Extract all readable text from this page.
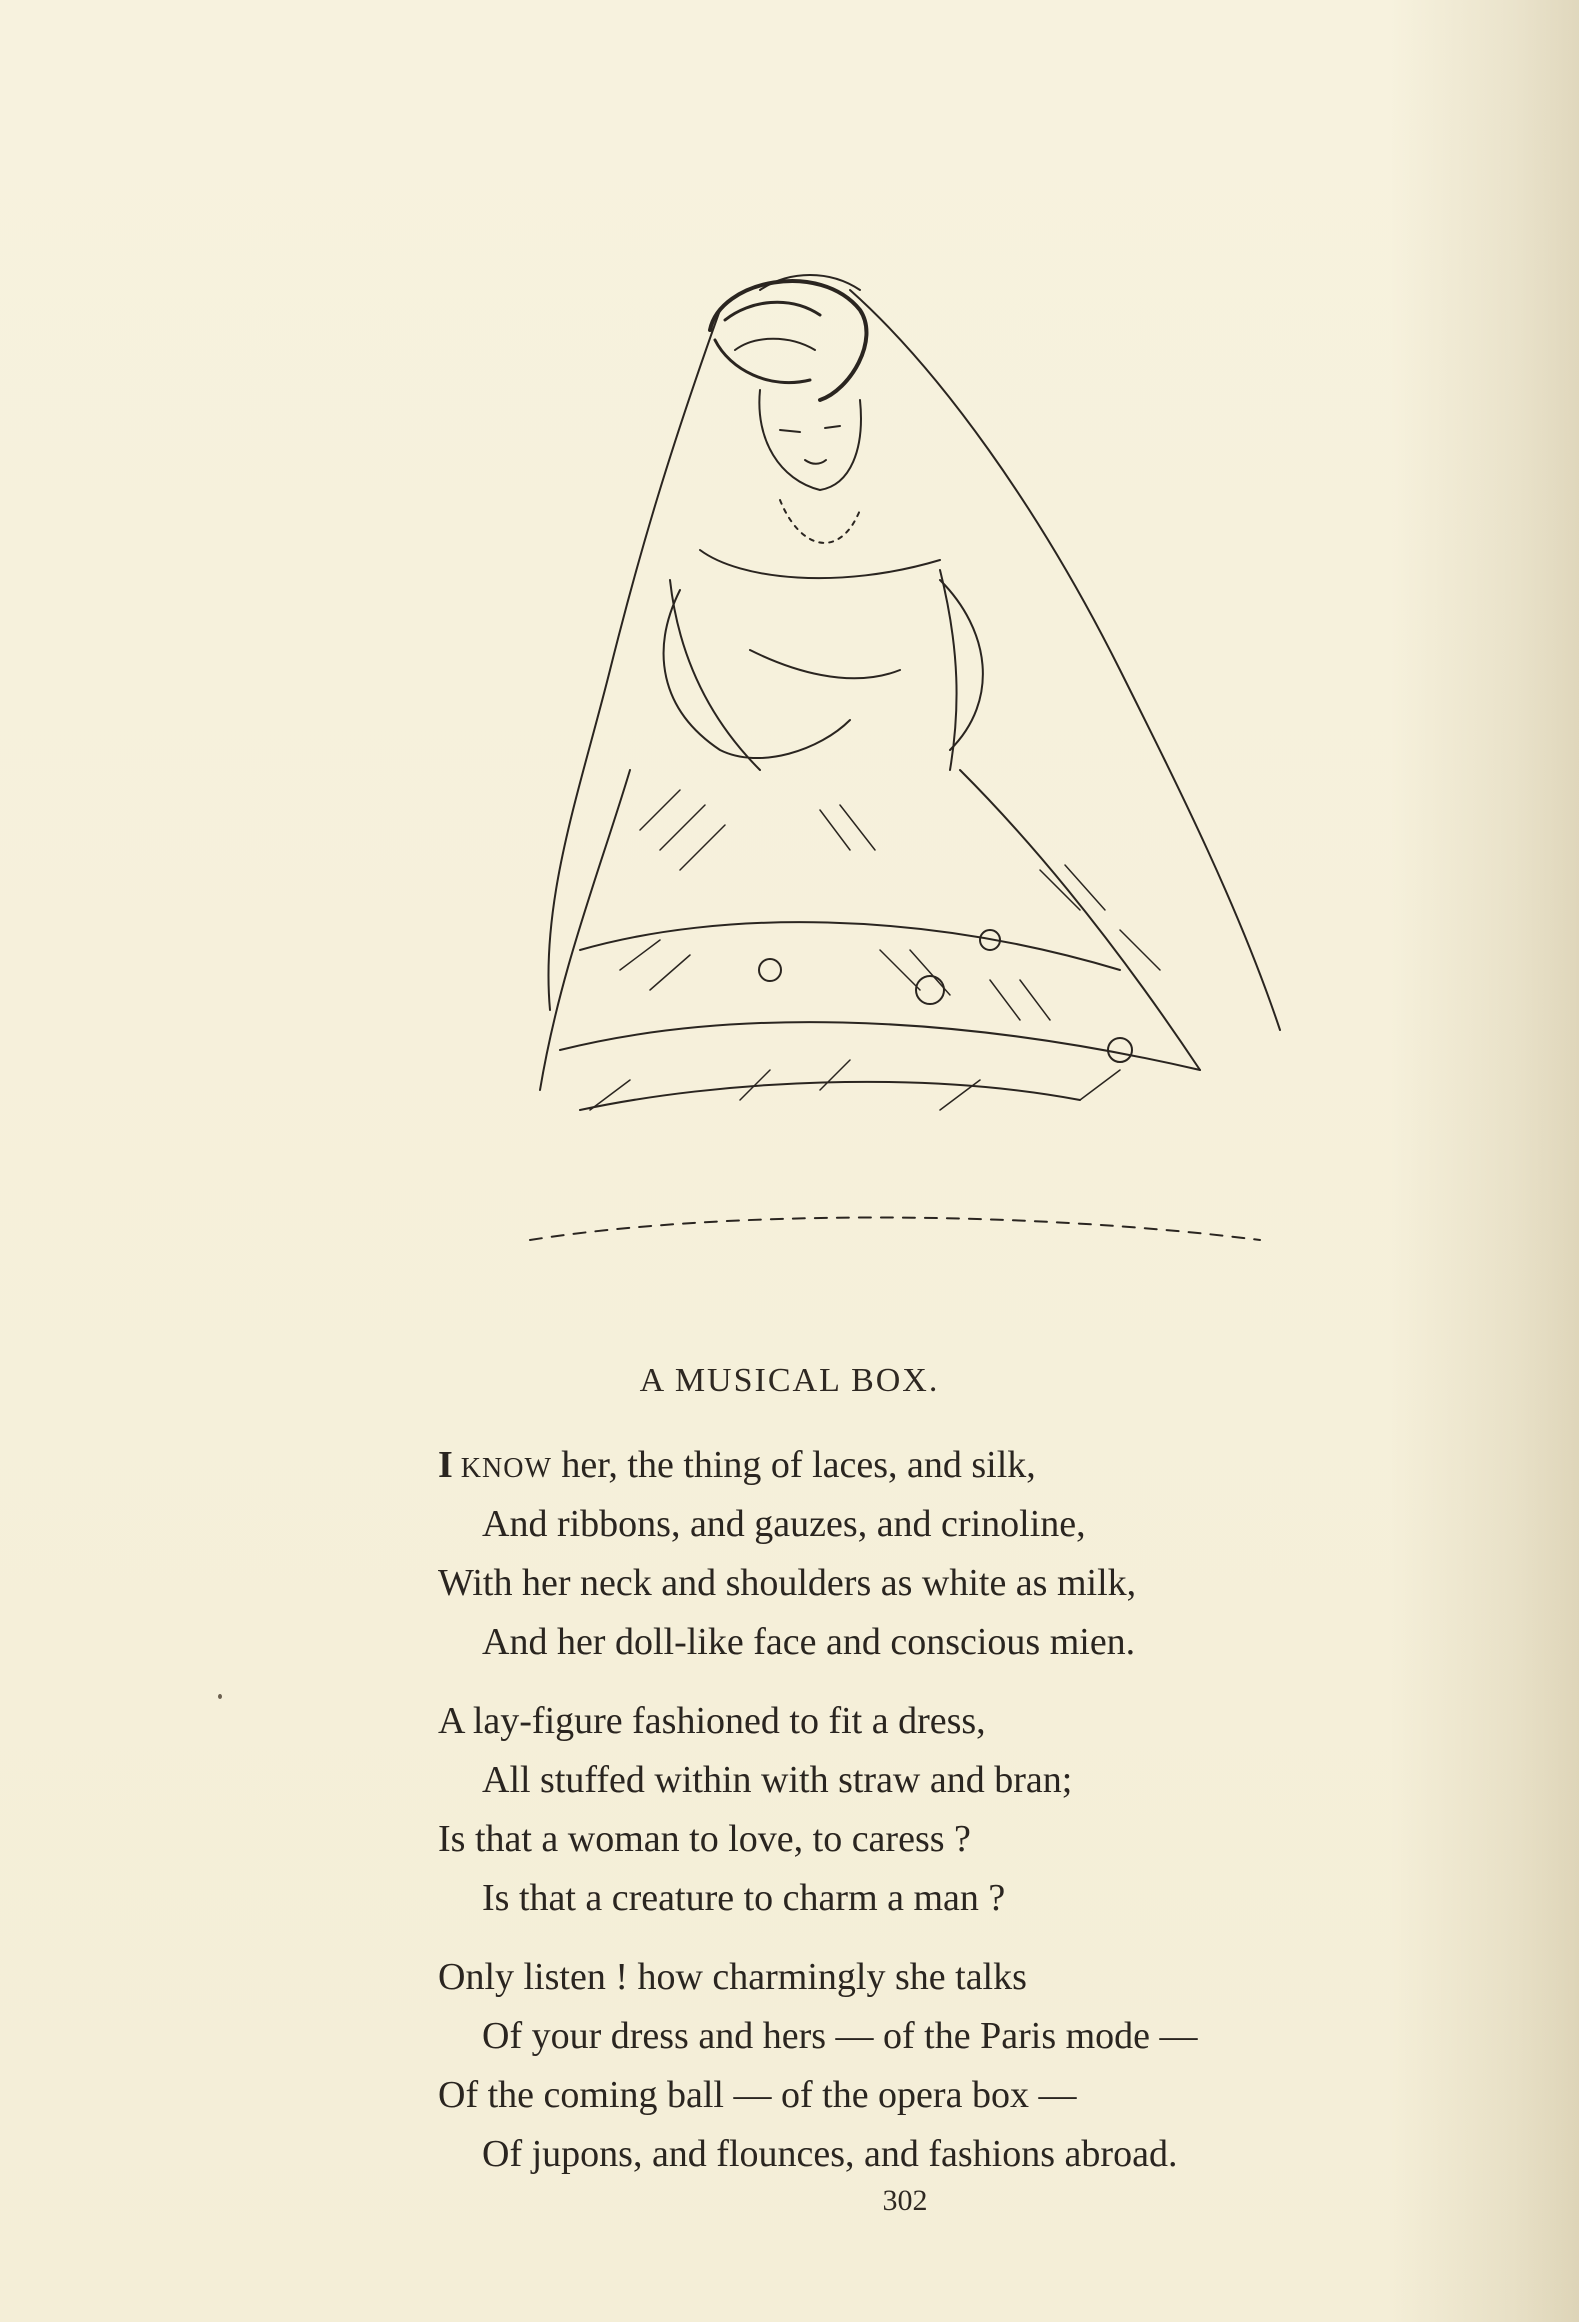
A MUSICAL BOX.
I KNOW her, the thing of laces, and silk,
And ribbons, and gauzes, and crinoline,
With her neck and shoulders as white as milk,
And her doll-like face and conscious mien.
A lay-figure fashioned to fit a dress,
All stuffed within with straw and bran;
Is that a woman to love, to caress ?
Is that a creature to charm a man ?
Only listen ! how charmingly she talks
Of your dress and hers — of the Paris mode —
Of the coming ball — of the opera box —
Of jupons, and flounces, and fashions abroad.
302
